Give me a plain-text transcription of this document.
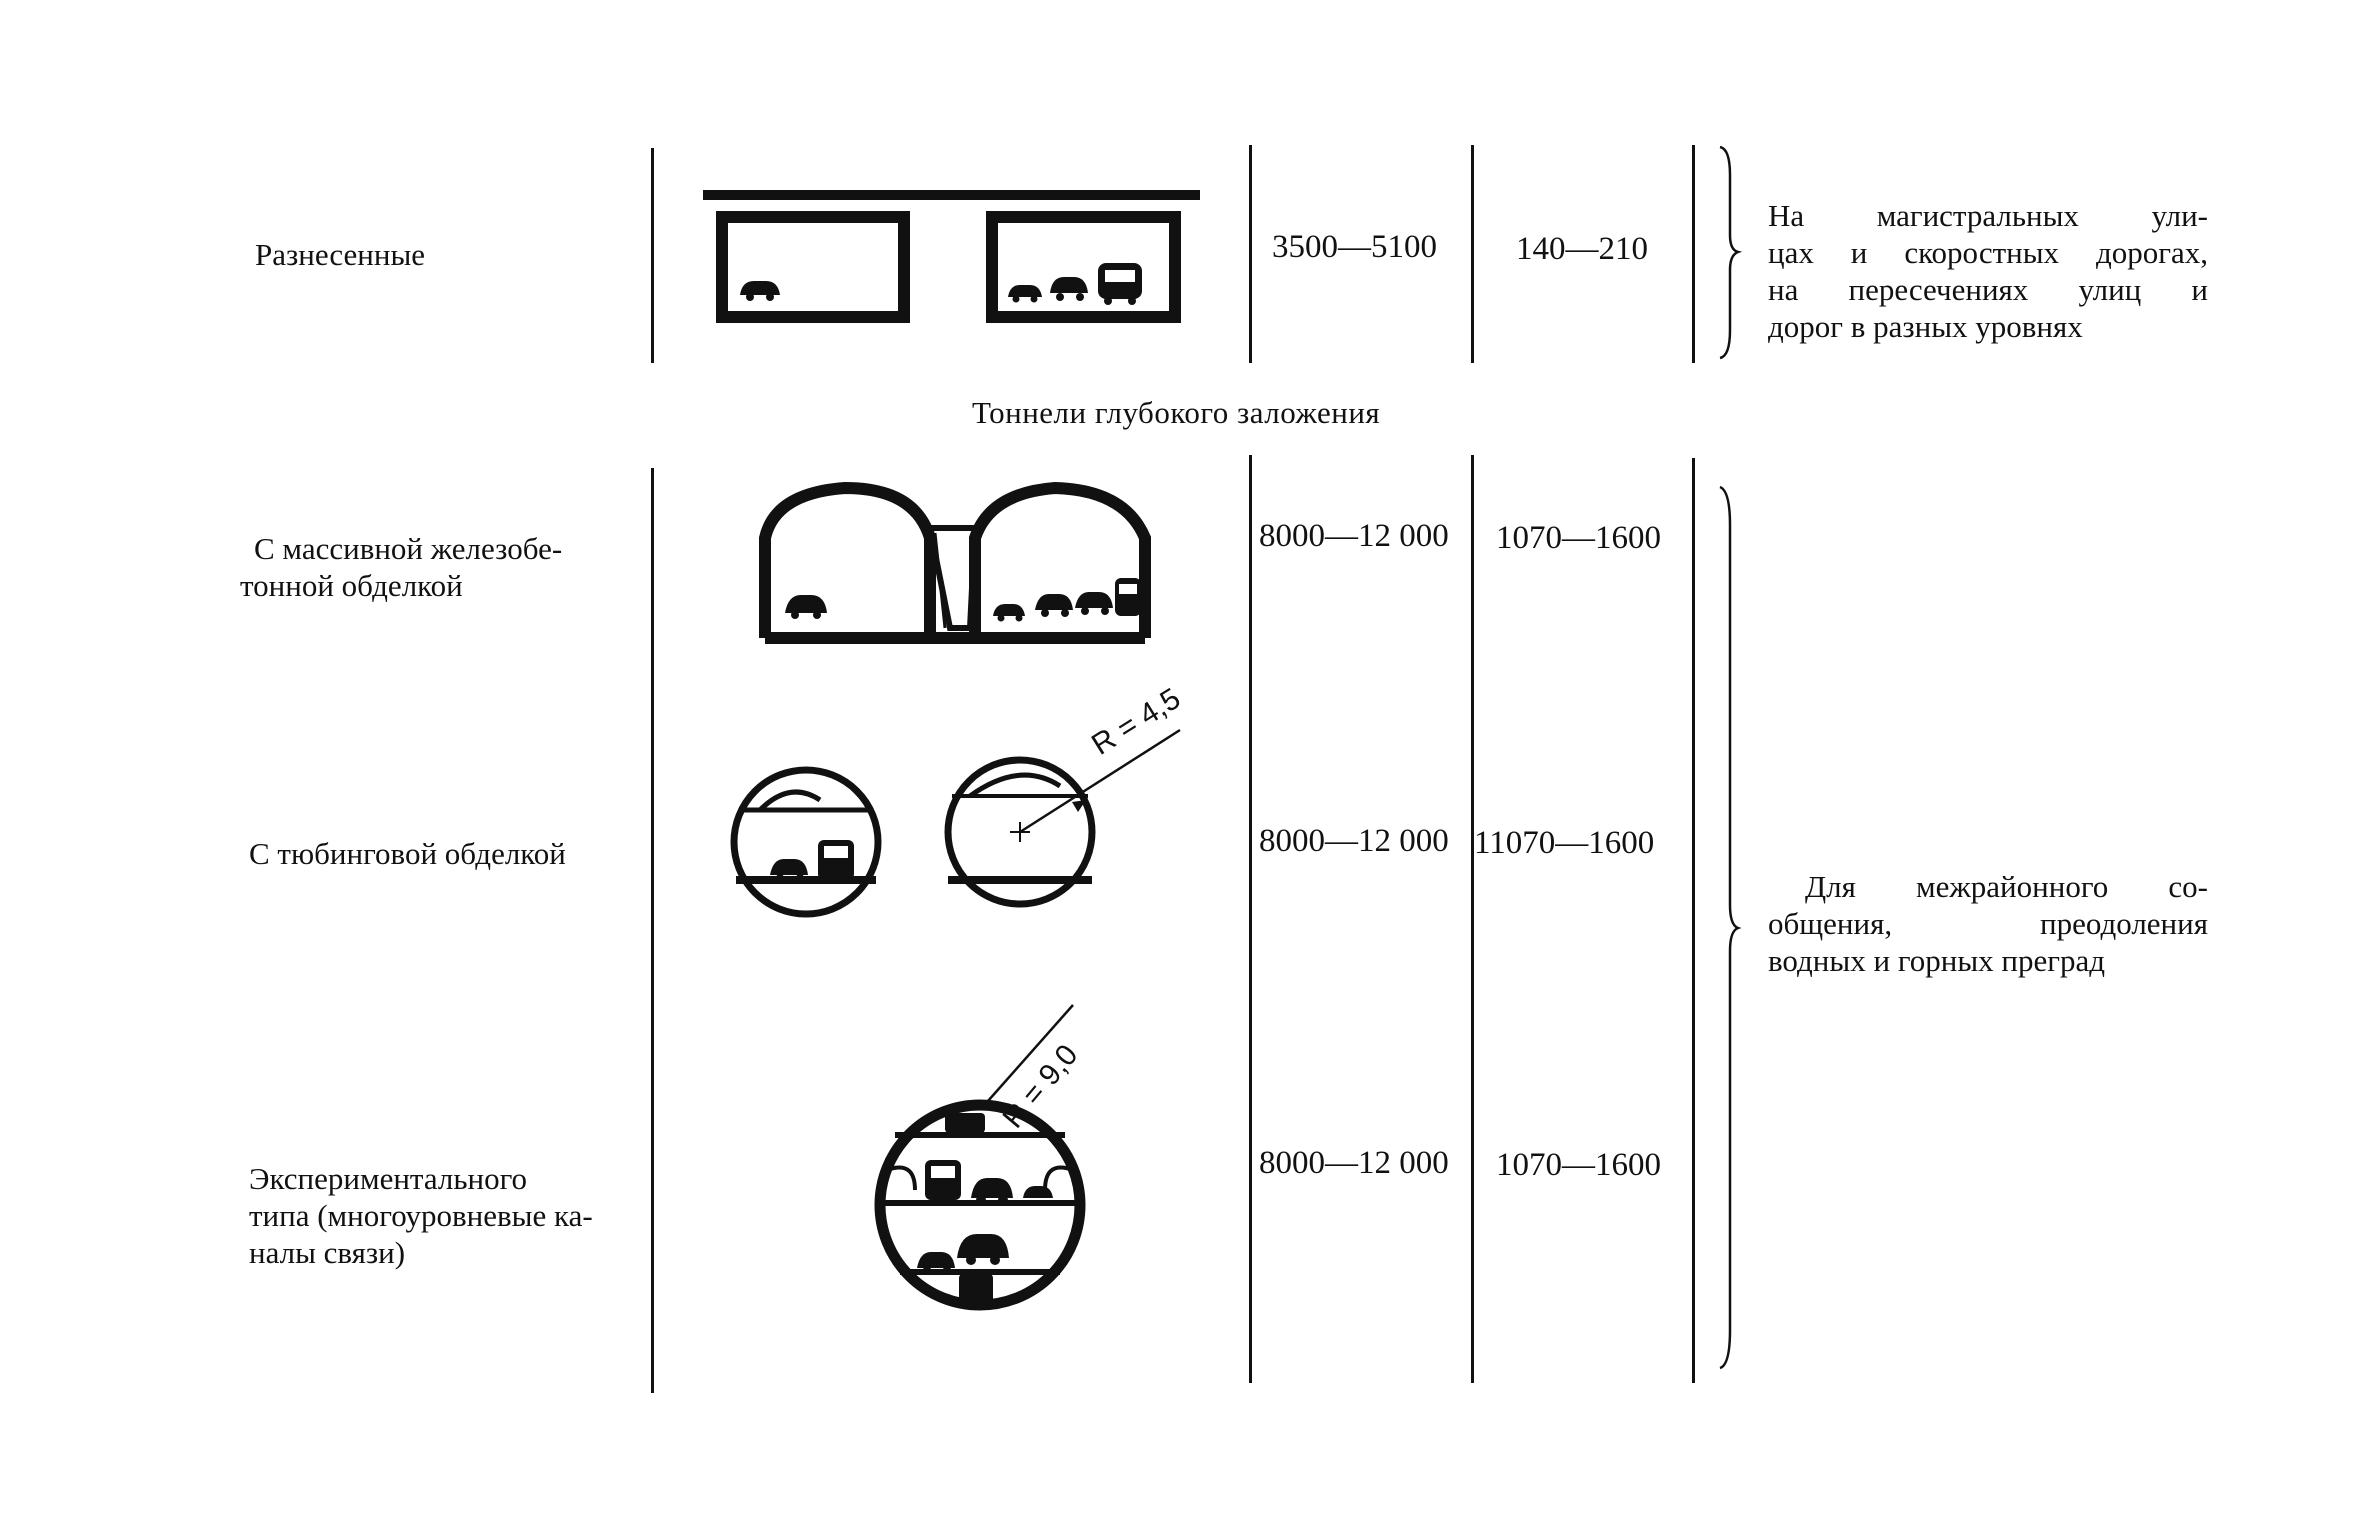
Разнесенные	3500—5100 140—210
На магистральных ули-
цах и скоростных дорогах,
на пересечениях улиц и
дорог в разных уровнях
Тоннели глубокого заложения
С массивной железобе-
тонной обделкой
8000—12 000 1070—1600
С тюбинговой обделкой
R = 4,5
8000—12 000 11070—1600
Для межрайонного со-
общения, преодоления
водных и горных преград
Экспериментального
типа (многоуровневые ка-
налы связи)
R = 9,0
8000—12 000 1070—1600
